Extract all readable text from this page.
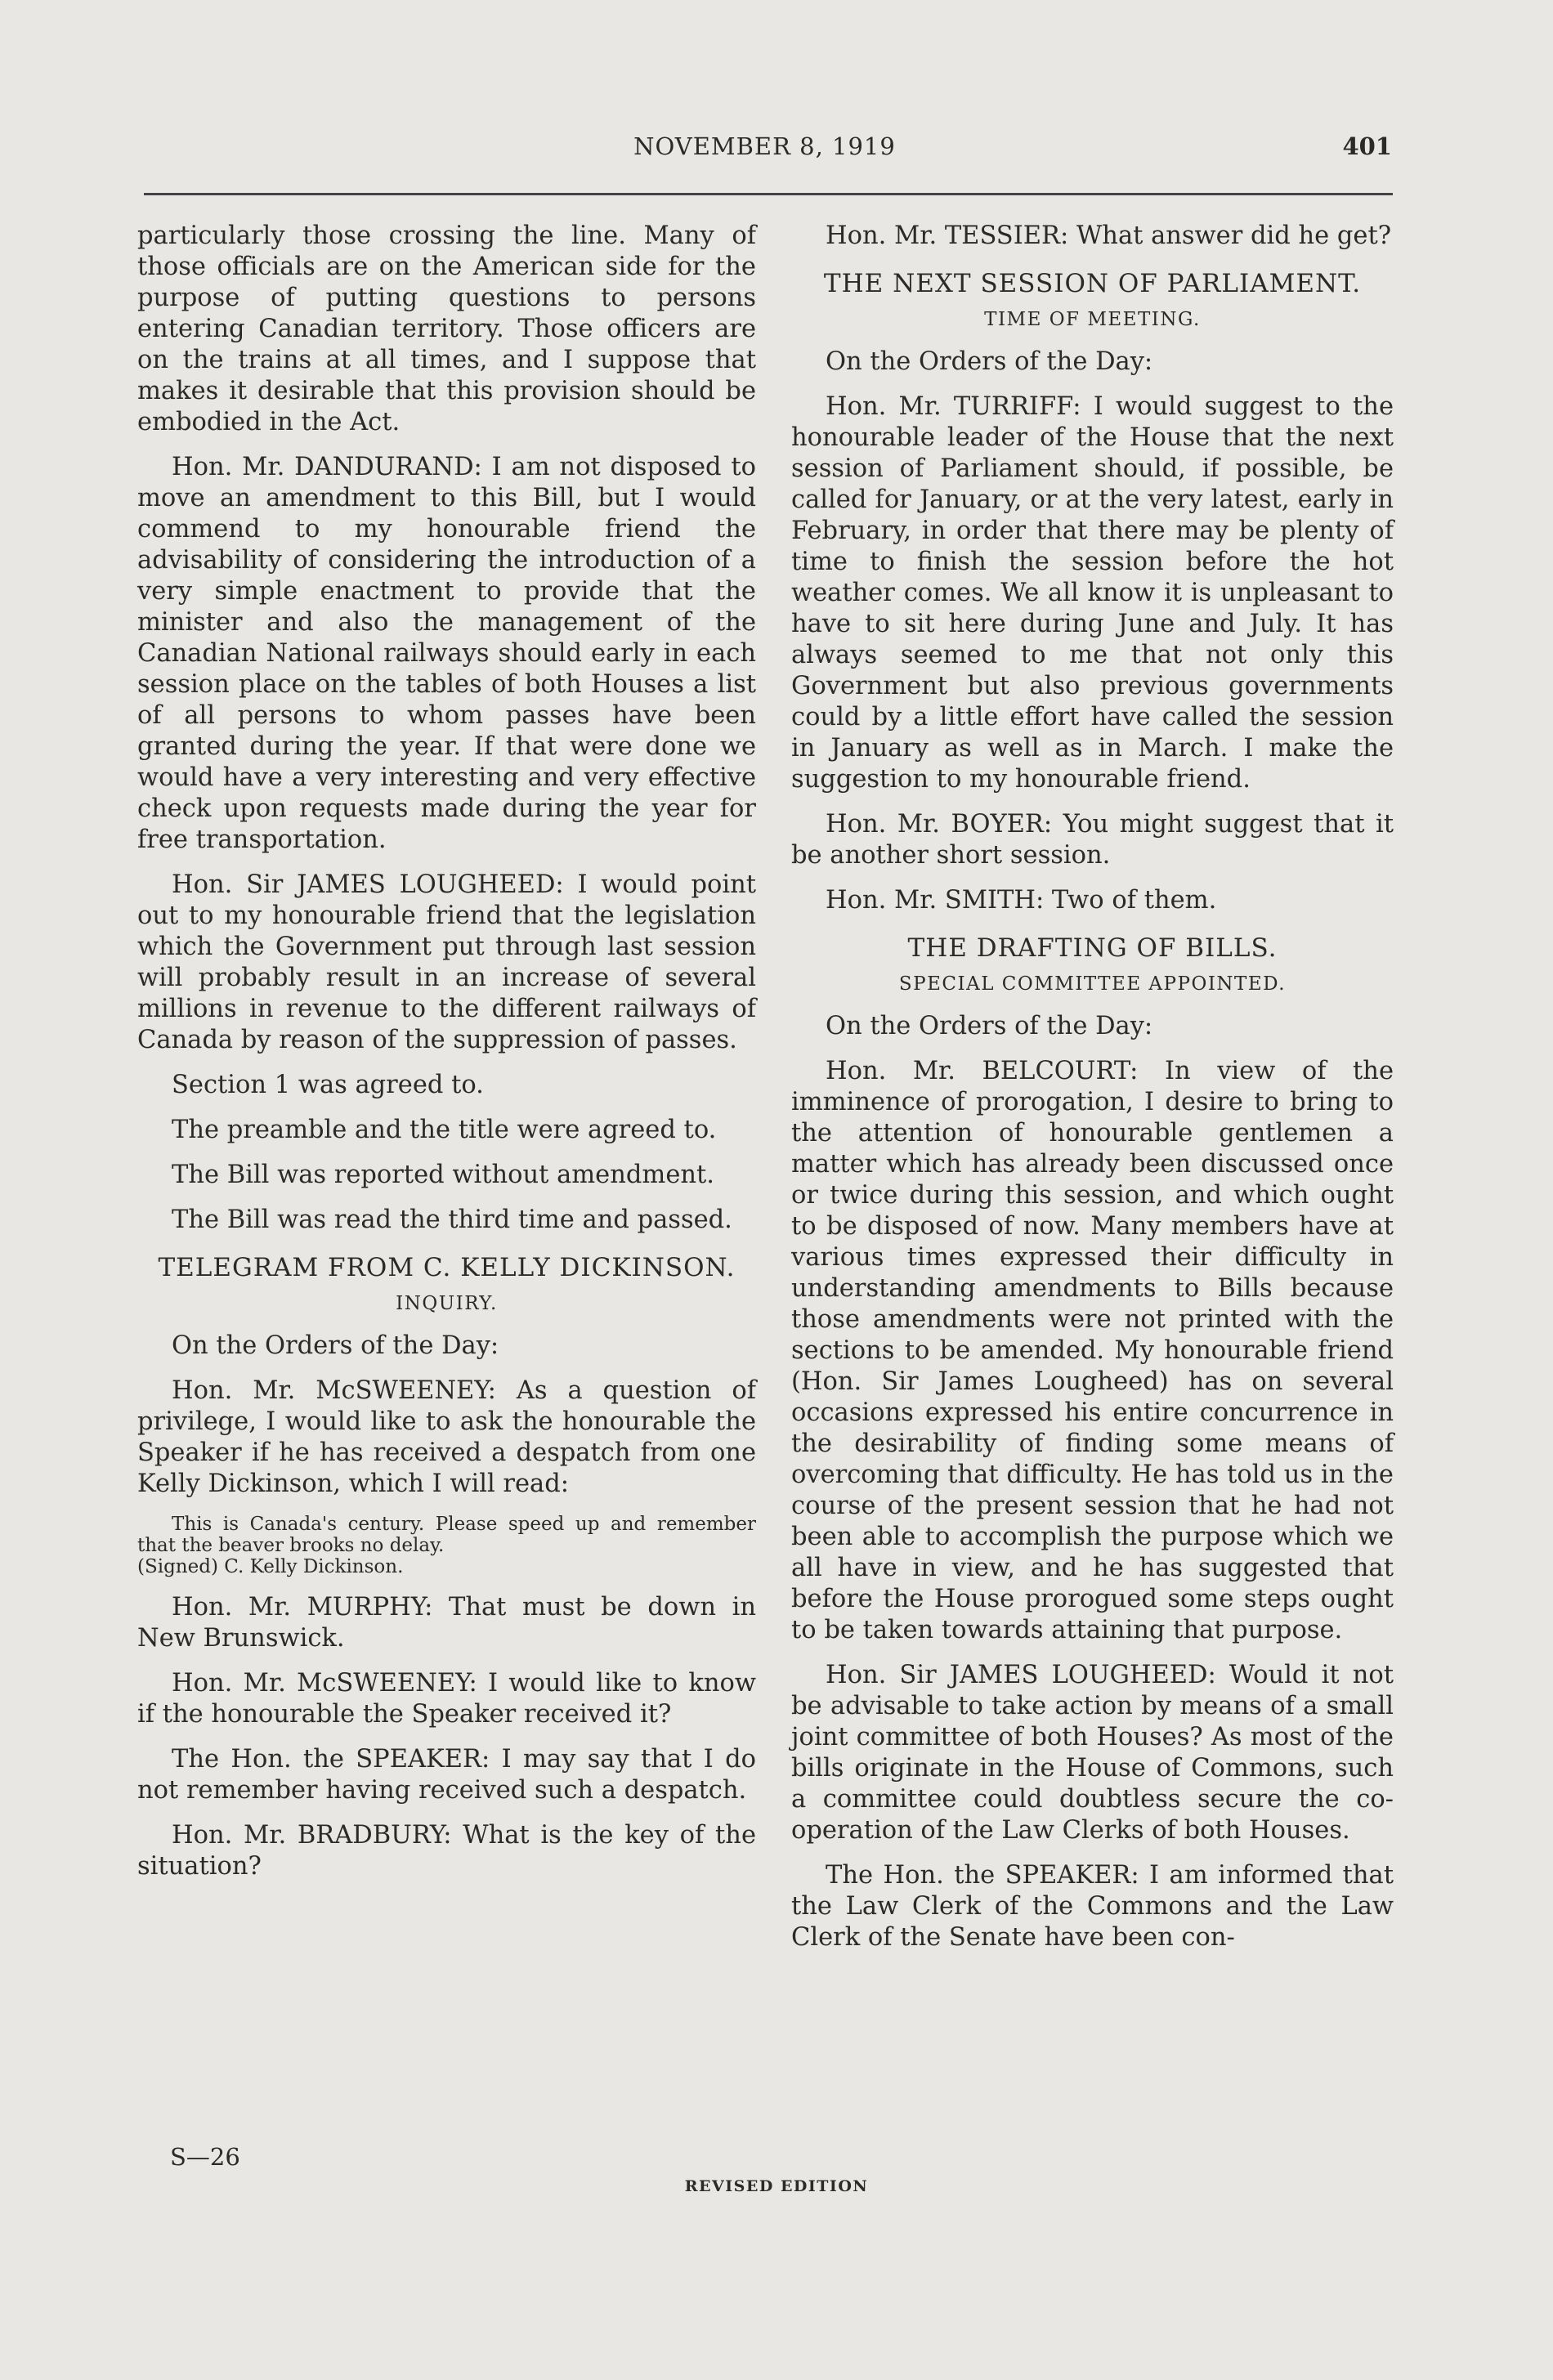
NOVEMBER 8, 1919	401

particularly those crossing the line. Many of those officials are on the American side for the purpose of putting questions to persons entering Canadian territory. Those officers are on the trains at all times, and I suppose that makes it desirable that this provision should be embodied in the Act.

Hon. Mr. DANDURAND: I am not disposed to move an amendment to this Bill, but I would commend to my honourable friend the advisability of considering the introduction of a very simple enactment to provide that the minister and also the management of the Canadian National railways should early in each session place on the tables of both Houses a list of all persons to whom passes have been granted during the year. If that were done we would have a very interesting and very effective check upon requests made during the year for free transportation.

Hon. Sir JAMES LOUGHEED: I would point out to my honourable friend that the legislation which the Government put through last session will probably result in an increase of several millions in revenue to the different railways of Canada by reason of the suppression of passes.

Section 1 was agreed to.

The preamble and the title were agreed to.

The Bill was reported without amendment.

The Bill was read the third time and passed.

TELEGRAM FROM C. KELLY DICKINSON.
INQUIRY.

On the Orders of the Day:

Hon. Mr. McSWEENEY: As a question of privilege, I would like to ask the honourable the Speaker if he has received a despatch from one Kelly Dickinson, which I will read:

This is Canada's century. Please speed up and remember that the beaver brooks no delay.
(Signed) C. Kelly Dickinson.

Hon. Mr. MURPHY: That must be down in New Brunswick.

Hon. Mr. McSWEENEY: I would like to know if the honourable the Speaker received it?

The Hon. the SPEAKER: I may say that I do not remember having received such a despatch.

Hon. Mr. BRADBURY: What is the key of the situation?

Hon. Mr. TESSIER: What answer did he get?

THE NEXT SESSION OF PARLIAMENT.
TIME OF MEETING.

On the Orders of the Day:

Hon. Mr. TURRIFF: I would suggest to the honourable leader of the House that the next session of Parliament should, if possible, be called for January, or at the very latest, early in February, in order that there may be plenty of time to finish the session before the hot weather comes. We all know it is unpleasant to have to sit here during June and July. It has always seemed to me that not only this Government but also previous governments could by a little effort have called the session in January as well as in March. I make the suggestion to my honourable friend.

Hon. Mr. BOYER: You might suggest that it be another short session.

Hon. Mr. SMITH: Two of them.

THE DRAFTING OF BILLS.
SPECIAL COMMITTEE APPOINTED.

On the Orders of the Day:

Hon. Mr. BELCOURT: In view of the imminence of prorogation, I desire to bring to the attention of honourable gentlemen a matter which has already been discussed once or twice during this session, and which ought to be disposed of now. Many members have at various times expressed their difficulty in understanding amendments to Bills because those amendments were not printed with the sections to be amended. My honourable friend (Hon. Sir James Lougheed) has on several occasions expressed his entire concurrence in the desirability of finding some means of overcoming that difficulty. He has told us in the course of the present session that he had not been able to accomplish the purpose which we all have in view, and he has suggested that before the House prorogued some steps ought to be taken towards attaining that purpose.

Hon. Sir JAMES LOUGHEED: Would it not be advisable to take action by means of a small joint committee of both Houses? As most of the bills originate in the House of Commons, such a committee could doubtless secure the co-operation of the Law Clerks of both Houses.

The Hon. the SPEAKER: I am informed that the Law Clerk of the Commons and the Law Clerk of the Senate have been con-

S—26
REVISED EDITION
